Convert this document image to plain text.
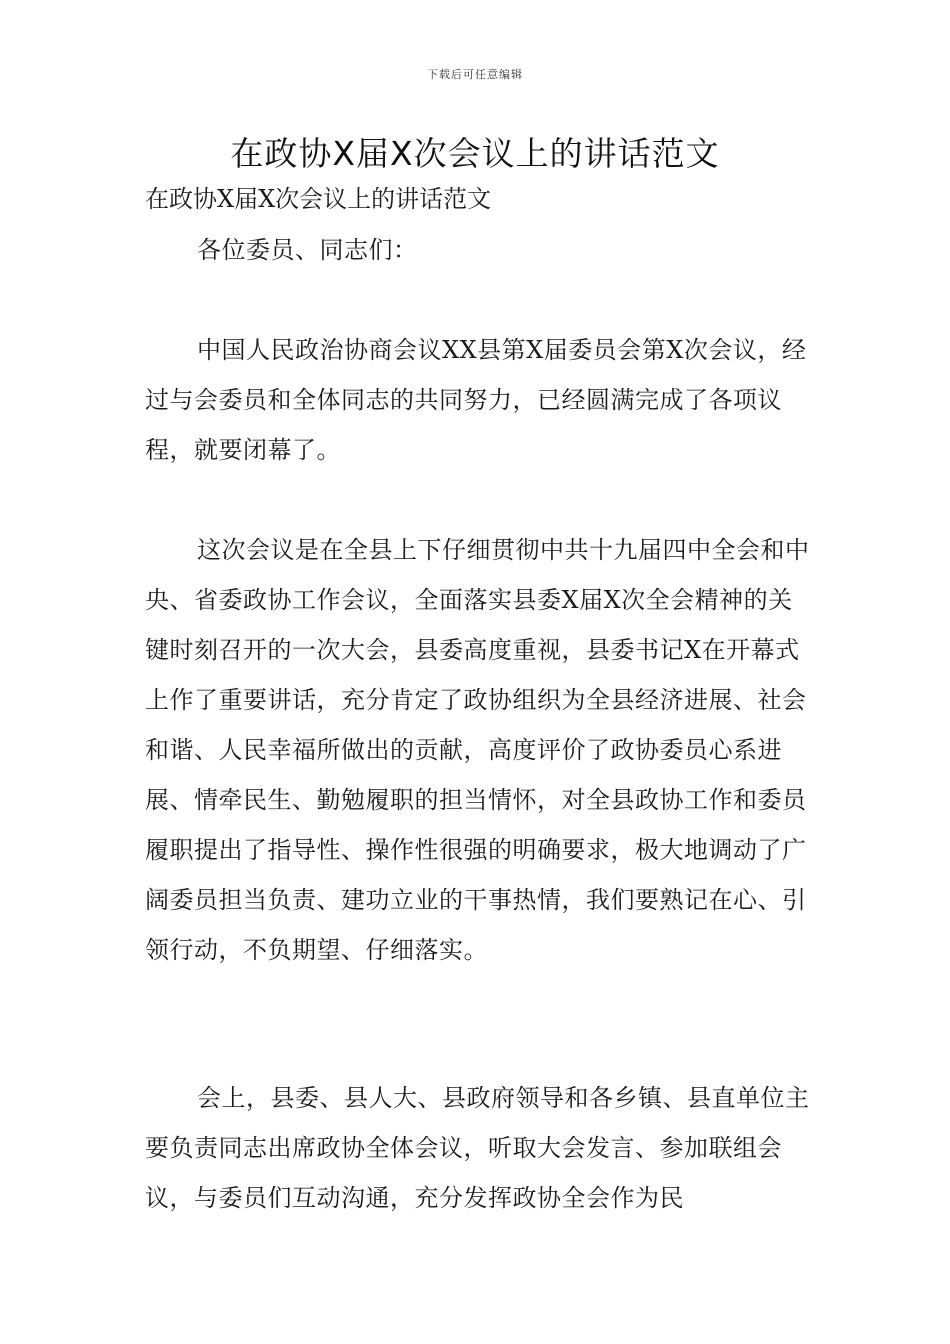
下载后可任意编辑
在政协X届X次会议上的讲话范文

在政协X届X次会议上的讲话范文

各位委员、同志们：

中国人民政治协商会议XX县第X届委员会第X次会议，经过与会委员和全体同志的共同努力，已经圆满完成了各项议程，就要闭幕了。

这次会议是在全县上下仔细贯彻中共十九届四中全会和中央、省委政协工作会议，全面落实县委X届X次全会精神的关键时刻召开的一次大会，县委高度重视，县委书记X在开幕式上作了重要讲话，充分肯定了政协组织为全县经济进展、社会和谐、人民幸福所做出的贡献，高度评价了政协委员心系进展、情牵民生、勤勉履职的担当情怀，对全县政协工作和委员履职提出了指导性、操作性很强的明确要求，极大地调动了广阔委员担当负责、建功立业的干事热情，我们要熟记在心、引领行动，不负期望、仔细落实。

会上，县委、县人大、县政府领导和各乡镇、县直单位主要负责同志出席政协全体会议，听取大会发言、参加联组会议，与委员们互动沟通，充分发挥政协全会作为民
